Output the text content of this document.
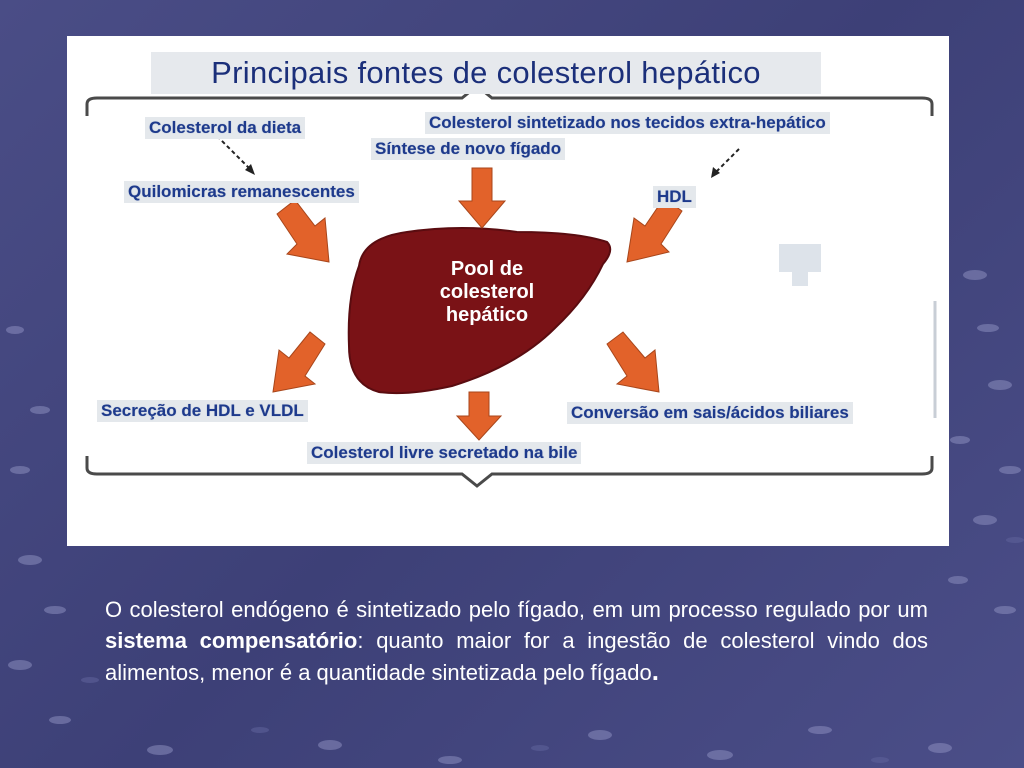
Principais fontes de colesterol hepático
Colesterol da dieta	Colesterol sintetizado nos tecidos extra-hepático
Síntese de novo fígado
Quilomicras remanescentes	HDL
Pool de
colesterol
hepático
Secreção de HDL e VLDL	Conversão em sais/ácidos biliares
Colesterol livre secretado na bile
O colesterol endógeno é sintetizado pelo fígado, em um processo regulado por um sistema compensatório: quanto maior for a ingestão de colesterol vindo dos alimentos, menor é a quantidade sintetizada pelo fígado.
